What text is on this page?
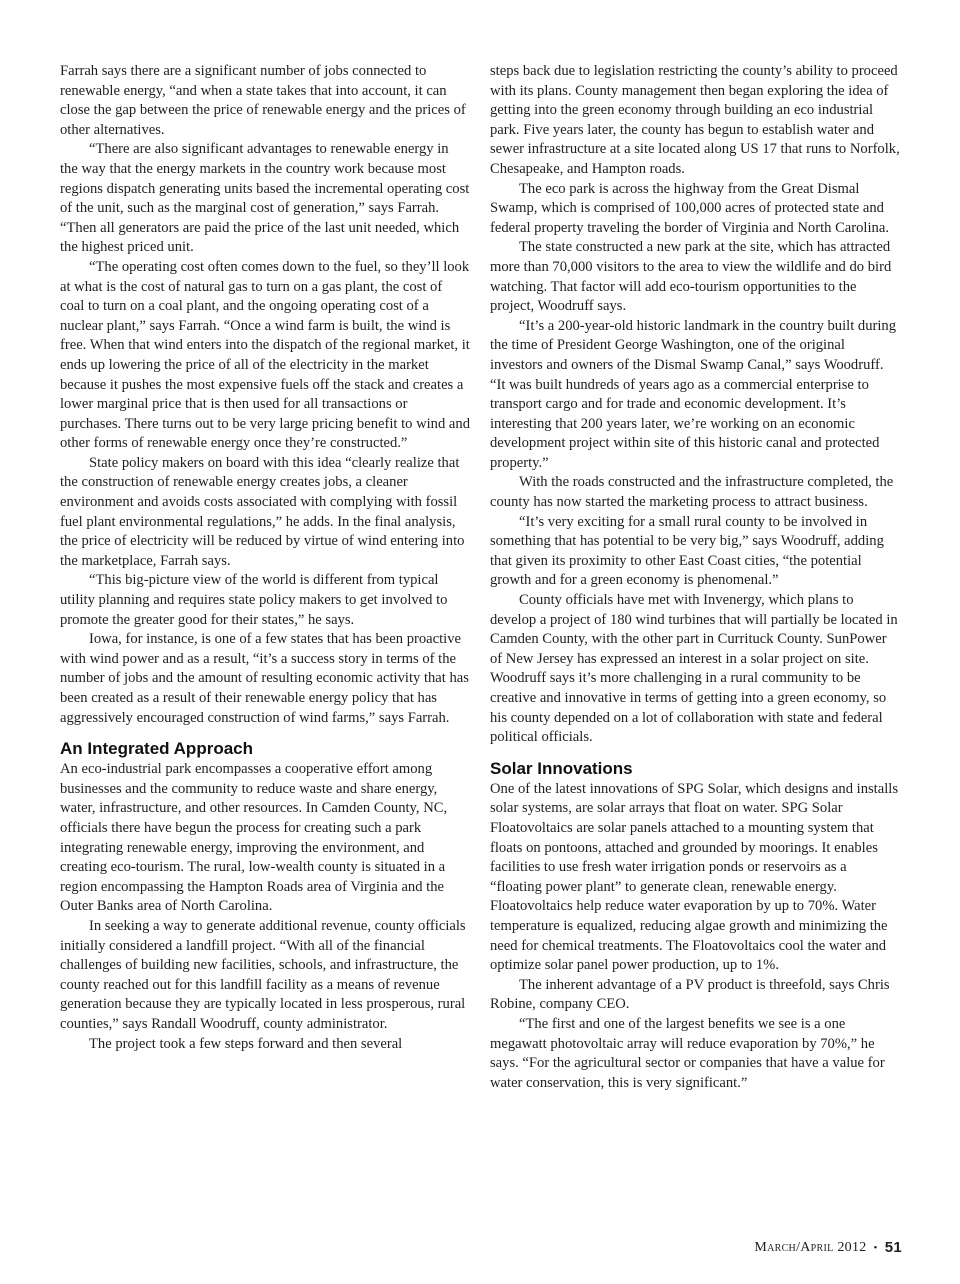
Farrah says there are a significant number of jobs connected to renewable energy, “and when a state takes that into account, it can close the gap between the price of renewable energy and the prices of other alternatives.

“There are also significant advantages to renewable energy in the way that the energy markets in the country work because most regions dispatch generating units based the incremental operating cost of the unit, such as the marginal cost of generation,” says Farrah. “Then all generators are paid the price of the last unit needed, which the highest priced unit.

“The operating cost often comes down to the fuel, so they’ll look at what is the cost of natural gas to turn on a gas plant, the cost of coal to turn on a coal plant, and the ongoing operating cost of a nuclear plant,” says Farrah. “Once a wind farm is built, the wind is free. When that wind enters into the dispatch of the regional market, it ends up lowering the price of all of the electricity in the market because it pushes the most expensive fuels off the stack and creates a lower marginal price that is then used for all transactions or purchases. There turns out to be very large pricing benefit to wind and other forms of renewable energy once they’re constructed.”

State policy makers on board with this idea “clearly realize that the construction of renewable energy creates jobs, a cleaner environment and avoids costs associated with complying with fossil fuel plant environmental regulations,” he adds. In the final analysis, the price of electricity will be reduced by virtue of wind entering into the marketplace, Farrah says.

“This big-picture view of the world is different from typical utility planning and requires state policy makers to get involved to promote the greater good for their states,” he says.

Iowa, for instance, is one of a few states that has been proactive with wind power and as a result, “it’s a success story in terms of the number of jobs and the amount of resulting economic activity that has been created as a result of their renewable energy policy that has aggressively encouraged construction of wind farms,” says Farrah.

An Integrated Approach

An eco-industrial park encompasses a cooperative effort among businesses and the community to reduce waste and share energy, water, infrastructure, and other resources. In Camden County, NC, officials there have begun the process for creating such a park integrating renewable energy, improving the environment, and creating eco-tourism. The rural, low-wealth county is situated in a region encompassing the Hampton Roads area of Virginia and the Outer Banks area of North Carolina.

In seeking a way to generate additional revenue, county officials initially considered a landfill project. “With all of the financial challenges of building new facilities, schools, and infrastructure, the county reached out for this landfill facility as a means of revenue generation because they are typically located in less prosperous, rural counties,” says Randall Woodruff, county administrator.

The project took a few steps forward and then several

steps back due to legislation restricting the county’s ability to proceed with its plans. County management then began exploring the idea of getting into the green economy through building an eco industrial park. Five years later, the county has begun to establish water and sewer infrastructure at a site located along US 17 that runs to Norfolk, Chesapeake, and Hampton roads.

The eco park is across the highway from the Great Dismal Swamp, which is comprised of 100,000 acres of protected state and federal property traveling the border of Virginia and North Carolina.

The state constructed a new park at the site, which has attracted more than 70,000 visitors to the area to view the wildlife and do bird watching. That factor will add eco-tourism opportunities to the project, Woodruff says.

“It’s a 200-year-old historic landmark in the country built during the time of President George Washington, one of the original investors and owners of the Dismal Swamp Canal,” says Woodruff. “It was built hundreds of years ago as a commercial enterprise to transport cargo and for trade and economic development. It’s interesting that 200 years later, we’re working on an economic development project within site of this historic canal and protected property.”

With the roads constructed and the infrastructure completed, the county has now started the marketing process to attract business.

“It’s very exciting for a small rural county to be involved in something that has potential to be very big,” says Woodruff, adding that given its proximity to other East Coast cities, “the potential growth and for a green economy is phenomenal.”

County officials have met with Invenergy, which plans to develop a project of 180 wind turbines that will partially be located in Camden County, with the other part in Currituck County. SunPower of New Jersey has expressed an interest in a solar project on site. Woodruff says it’s more challenging in a rural community to be creative and innovative in terms of getting into a green economy, so his county depended on a lot of collaboration with state and federal political officials.

Solar Innovations

One of the latest innovations of SPG Solar, which designs and installs solar systems, are solar arrays that float on water. SPG Solar Floatovoltaics are solar panels attached to a mounting system that floats on pontoons, attached and grounded by moorings. It enables facilities to use fresh water irrigation ponds or reservoirs as a “floating power plant” to generate clean, renewable energy. Floatovoltaics help reduce water evaporation by up to 70%. Water temperature is equalized, reducing algae growth and minimizing the need for chemical treatments. The Floatovoltaics cool the water and optimize solar panel power production, up to 1%.

The inherent advantage of a PV product is threefold, says Chris Robine, company CEO.

“The first and one of the largest benefits we see is a one megawatt photovoltaic array will reduce evaporation by 70%,” he says. “For the agricultural sector or companies that have a value for water conservation, this is very significant.”

March/April 2012 • 51
